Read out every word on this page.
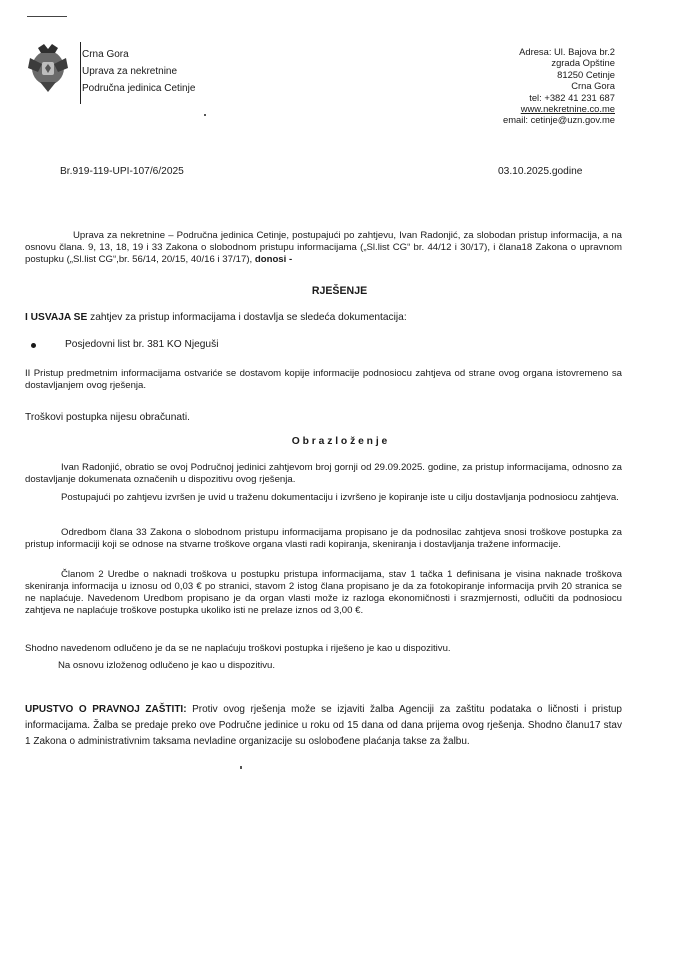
Crna Gora
Uprava za nekretnine
Područna jedinica Cetinje
Adresa: Ul. Bajova br.2
zgrada Opštine
81250 Cetinje
Crna Gora
tel: +382 41 231 687
www.nekretnine.co.me
email: cetinje@uzn.gov.me
Br.919-119-UPI-107/6/2025	03.10.2025.godine
Uprava za nekretnine – Područna jedinica Cetinje, postupajući po zahtjevu, Ivan Radonjić, za slobodan pristup informacija, a na osnovu člana. 9, 13, 18, 19 i 33 Zakona o slobodnom pristupu informacijama („Sl.list CG“ br. 44/12 i 30/17), i člana18 Zakona o upravnom postupku („Sl.list CG“,br. 56/14, 20/15, 40/16 i 37/17), donosi -
RJEŠENJE
I USVAJA SE zahtjev za pristup informacijama i dostavlja se sledeća dokumentacija:
Posjedovni list br. 381 KO Njeguši
II Pristup predmetnim informacijama ostvariće se dostavom kopije informacije podnosiocu zahtjeva od strane ovog organa istovremeno sa dostavljanjem ovog rješenja.
Troškovi postupka nijesu obračunati.
O b r a z l o ž e n j e
Ivan Radonjić, obratio se ovoj Područnoj jedinici zahtjevom broj gornji od 29.09.2025. godine, za pristup informacijama, odnosno za dostavljanje dokumenata označenih u dispozitivu ovog rješenja.
Postupajući po zahtjevu izvršen je uvid u traženu dokumentaciju i izvršeno je kopiranje iste u cilju dostavljanja podnosiocu zahtjeva.
Odredbom člana 33 Zakona o slobodnom pristupu informacijama propisano je da podnosilac zahtjeva snosi troškove postupka za pristup informaciji koji se odnose na stvarne troškove organa vlasti radi kopiranja, skeniranja i dostavljanja tražene informacije.
Članom 2 Uredbe o naknadi troškova u postupku pristupa informacijama, stav 1 tačka 1 definisana je visina naknade troškova skeniranja informacija u iznosu od 0,03 € po stranici, stavom 2 istog člana propisano je da za fotokopiranje informacija prvih 20 stranica se ne naplaćuje. Navedenom Uredbom propisano je da organ vlasti može iz razloga ekonomičnosti i srazmjernosti, odlučiti da podnosiocu zahtjeva ne naplaćuje troškove postupka ukoliko isti ne prelaze iznos od 3,00 €.
Shodno navedenom odlučeno je da se ne naplaćuju troškovi postupka i riješeno je kao u dispozitivu.
Na osnovu izloženog odlučeno je kao u dispozitivu.
UPUSTVO O PRAVNOJ ZAŠTITI: Protiv ovog rješenja može se izjaviti žalba Agenciji za zaštitu podataka o ličnosti i pristup informacijama. Žalba se predaje preko ove Područne jedinice u roku od 15 dana od dana prijema ovog rješenja. Shodno članu17 stav 1 Zakona o administrativnim taksama nevladine organizacije su oslobođene plaćanja takse za žalbu.
